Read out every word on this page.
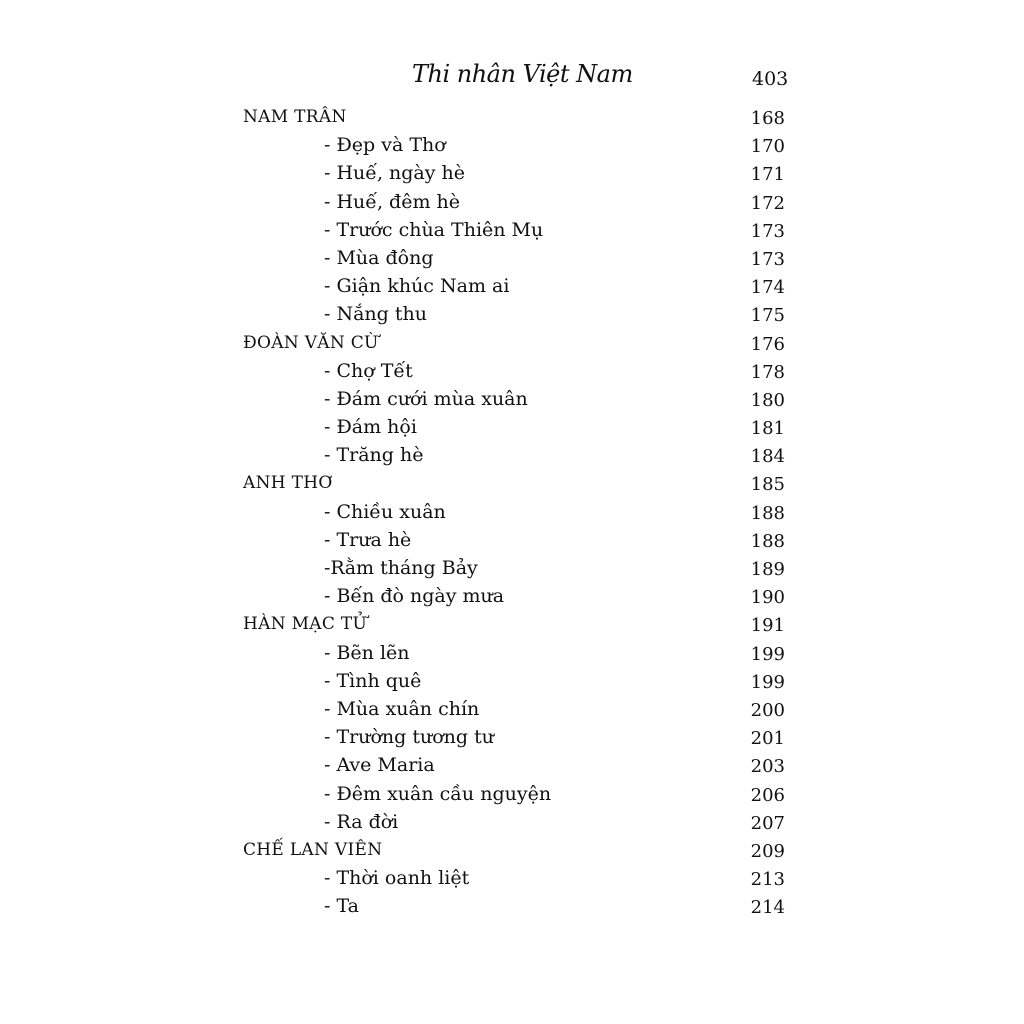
Thi nhân Việt Nam	403
NAM TRÂN	168
- Đẹp và Thơ	170
- Huế, ngày hè	171
- Huế, đêm hè	172
- Trước chùa Thiên Mụ	173
- Mùa đông	173
- Giận khúc Nam ai	174
- Nắng thu	175
ĐOÀN VĂN CỪ	176
- Chợ Tết	178
- Đám cưới mùa xuân	180
- Đám hội	181
- Trăng hè	184
ANH THƠ	185
- Chiều xuân	188
- Trưa hè	188
-Rằm tháng Bảy	189
- Bến đò ngày mưa	190
HÀN MẠC TỬ	191
- Bẽn lẽn	199
- Tình quê	199
- Mùa xuân chín	200
- Trường tương tư	201
- Ave Maria	203
- Đêm xuân cầu nguyện	206
- Ra đời	207
CHẾ LAN VIÊN	209
- Thời oanh liệt	213
- Ta	214
